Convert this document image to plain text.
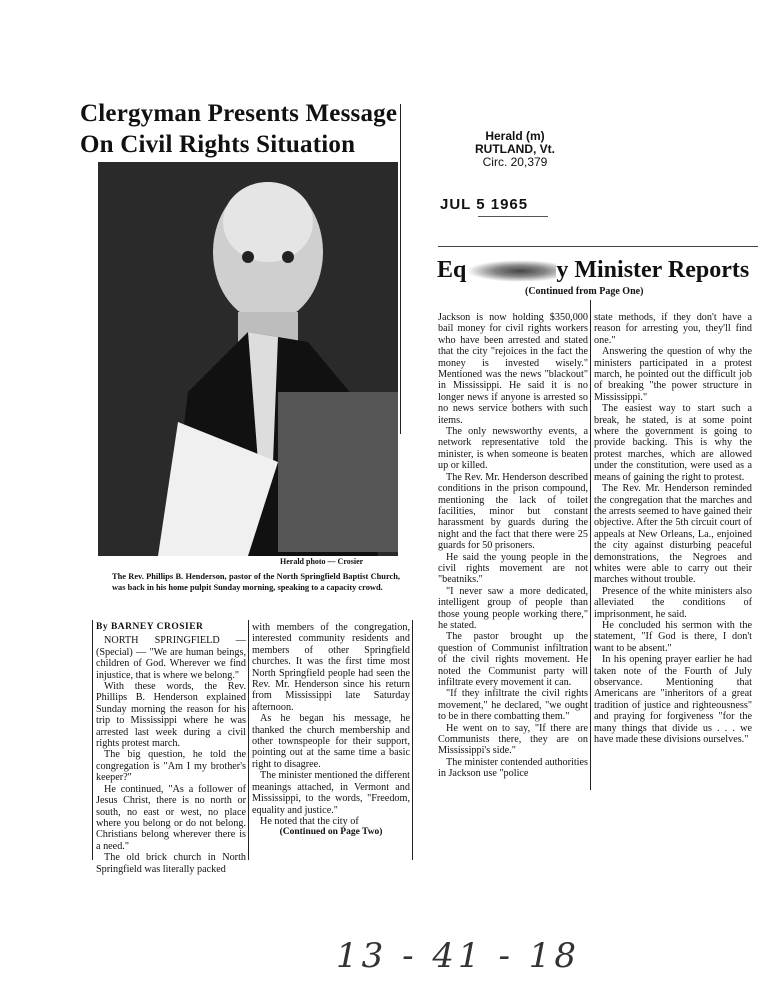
Clergyman Presents Message
On Civil Rights Situation	Herald (m)
RUTLAND, Vt.
Circ. 20,379
JUL 5 1965
Herald photo — Crosier
The Rev. Phillips B. Henderson, pastor of the North Springfield Baptist Church, was back in his home pulpit Sunday morning, speaking to a capacity crowd.

By BARNEY CROSIER

NORTH SPRINGFIELD — (Special) — "We are human beings, children of God. Wherever we find injustice, that is where we belong."

With these words, the Rev. Phillips B. Henderson explained Sunday morning the reason for his trip to Mississippi where he was arrested last week during a civil rights protest march.

The big question, he told the congregation is "Am I my brother's keeper?"

He continued, "As a follower of Jesus Christ, there is no north or south, no east or west, no place where you belong or do not belong. Christians belong wherever there is a need."

The old brick church in North Springfield was literally packed

with members of the congregation, interested community residents and members of other Springfield churches. It was the first time most North Springfield people had seen the Rev. Mr. Henderson since his return from Mississippi late Saturday afternoon.

As he began his message, he thanked the church membership and other townspeople for their support, pointing out at the same time a basic right to disagree.

The minister mentioned the different meanings attached, in Vermont and Mississippi, to the words, "Freedom, equality and justice."

He noted that the city of

(Continued on Page Two)

Eq	y Minister Reports
(Continued from Page One)

Jackson is now holding $350,000 bail money for civil rights workers who have been arrested and stated that the city "rejoices in the fact the money is invested wisely." Mentioned was the news "blackout" in Mississippi. He said it is no longer news if anyone is arrested so no news service bothers with such items.

The only newsworthy events, a network representative told the minister, is when someone is beaten up or killed.

The Rev. Mr. Henderson described conditions in the prison compound, mentioning the lack of toilet facilities, minor but constant harassment by guards during the night and the fact that there were 25 guards for 50 prisoners.

He said the young people in the civil rights movement are not "beatniks."

"I never saw a more dedicated, intelligent group of people than those young people working there," he stated.

The pastor brought up the question of Communist infiltration of the civil rights movement. He noted the Communist party will infiltrate every movement it can.

"If they infiltrate the civil rights movement," he declared, "we ought to be in there combatting them."

He went on to say, "If there are Communists there, they are on Mississippi's side."

The minister contended authorities in Jackson use "police

state methods, if they don't have a reason for arresting you, they'll find one."

Answering the question of why the ministers participated in a protest march, he pointed out the difficult job of breaking "the power structure in Mississippi."

The easiest way to start such a break, he stated, is at some point where the government is going to provide backing. This is why the protest marches, which are allowed under the constitution, were used as a means of gaining the right to protest.

The Rev. Mr. Henderson reminded the congregation that the marches and the arrests seemed to have gained their objective. After the 5th circuit court of appeals at New Orleans, La., enjoined the city against disturbing peaceful demonstrations, the Negroes and whites were able to carry out their marches without trouble.

Presence of the white ministers also alleviated the conditions of imprisonment, he said.

He concluded his sermon with the statement, "If God is there, I don't want to be absent."

In his opening prayer earlier he had taken note of the Fourth of July observance. Mentioning that Americans are "inheritors of a great tradition of justice and righteousness" and praying for forgiveness "for the many things that divide us . . . we have made these divisions ourselves."

13 - 41 - 18
